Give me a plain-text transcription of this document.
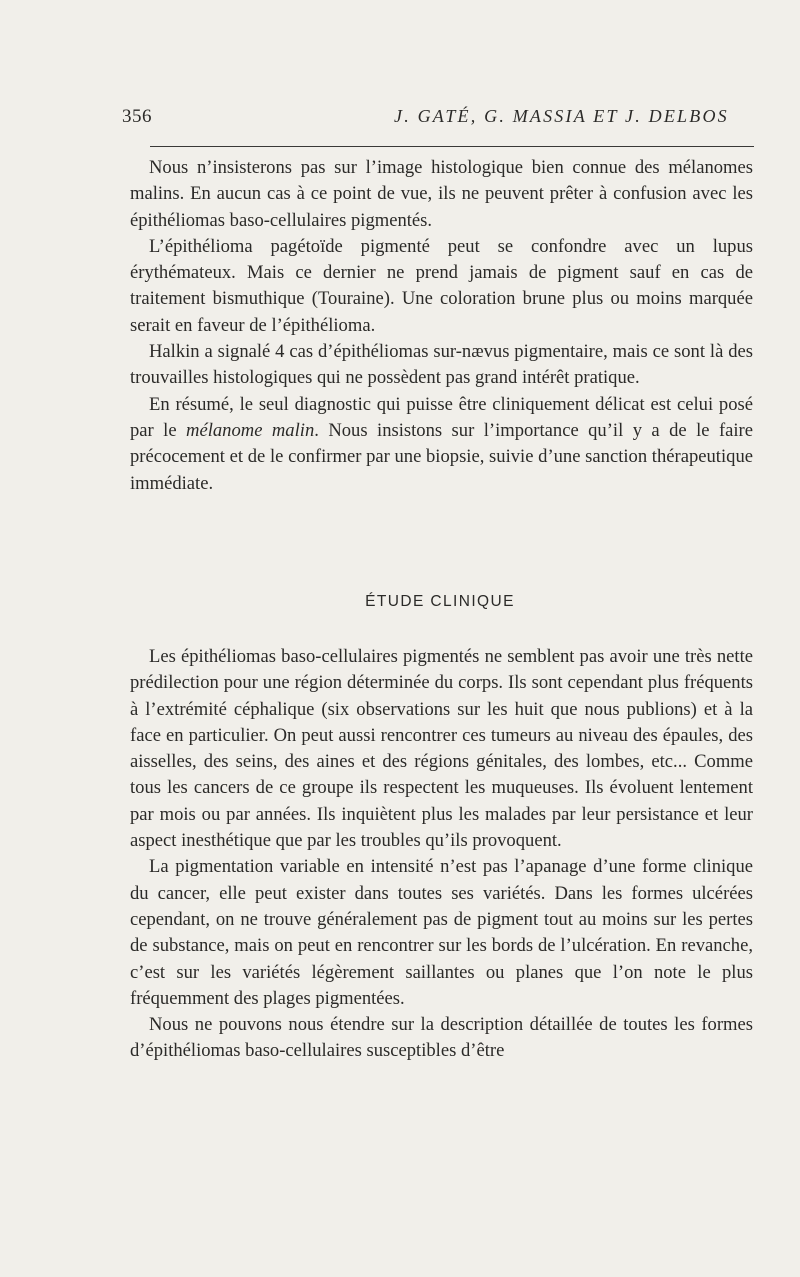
356	J. GATÉ, G. MASSIA ET J. DELBOS

Nous n’insisterons pas sur l’image histologique bien connue des mélanomes malins. En aucun cas à ce point de vue, ils ne peuvent prêter à confusion avec les épithéliomas baso-cellulaires pigmentés.

L’épithélioma pagétoïde pigmenté peut se confondre avec un lupus érythémateux. Mais ce dernier ne prend jamais de pigment sauf en cas de traitement bismuthique (Touraine). Une coloration brune plus ou moins marquée serait en faveur de l’épithélioma.

Halkin a signalé 4 cas d’épithéliomas sur-nævus pigmentaire, mais ce sont là des trouvailles histologiques qui ne possèdent pas grand intérêt pratique.

En résumé, le seul diagnostic qui puisse être cliniquement délicat est celui posé par le mélanome malin. Nous insistons sur l’importance qu’il y a de le faire précocement et de le confirmer par une biopsie, suivie d’une sanction thérapeutique immédiate.

ÉTUDE CLINIQUE

Les épithéliomas baso-cellulaires pigmentés ne semblent pas avoir une très nette prédilection pour une région déterminée du corps. Ils sont cependant plus fréquents à l’extrémité céphalique (six observations sur les huit que nous publions) et à la face en particulier. On peut aussi rencontrer ces tumeurs au niveau des épaules, des aisselles, des seins, des aines et des régions génitales, des lombes, etc... Comme tous les cancers de ce groupe ils respectent les muqueuses. Ils évoluent lentement par mois ou par années. Ils inquiètent plus les malades par leur persistance et leur aspect inesthétique que par les troubles qu’ils provoquent.

La pigmentation variable en intensité n’est pas l’apanage d’une forme clinique du cancer, elle peut exister dans toutes ses variétés. Dans les formes ulcérées cependant, on ne trouve généralement pas de pigment tout au moins sur les pertes de substance, mais on peut en rencontrer sur les bords de l’ulcération. En revanche, c’est sur les variétés légèrement saillantes ou planes que l’on note le plus fréquemment des plages pigmentées.

Nous ne pouvons nous étendre sur la description détaillée de toutes les formes d’épithéliomas baso-cellulaires susceptibles d’être
